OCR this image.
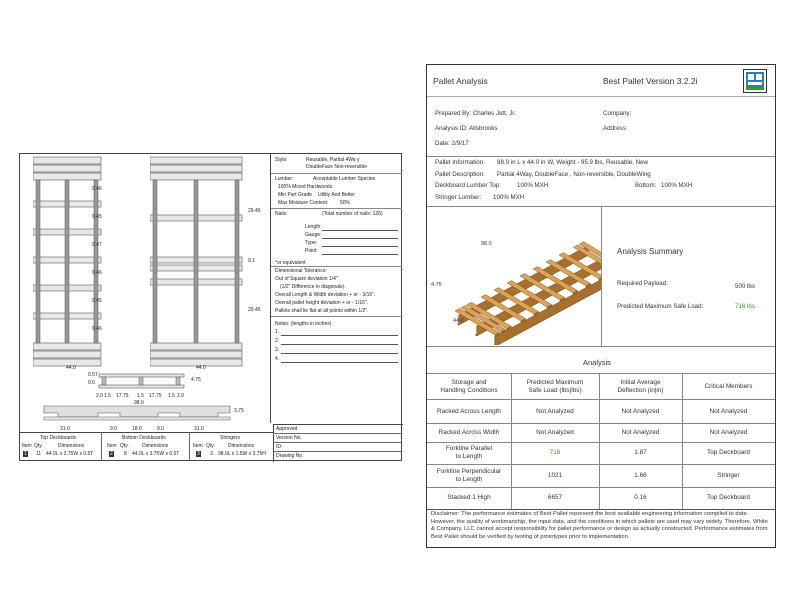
9.46
9.45
9.47
9.46
9.45
9.46
44.0
29.45
9.1
29.45
44.0
0.57
0.5	4.75
2.0 1.5 17.75 1.5 17.75 1.5 2.0
98.0
3.75
31.0	9.0	18.0	9.0	31.0
Style:	Reusable, Partial 4Wa y
DoubleFace Non-reversible
Lumber:	Acceptable Lumber Species
100% Mixed Hardwoods
Min Part Grade Utility And Better
Max Moisture Content: 50%
Nails:	(Total number of nails: 126)
Length:
Gauge:
Type:
Point:
*or equivalent
Dimensional Tolerance:
Out of Square deviation 1/4"
(1/2" Difference in diagonals).
Overall Length & Width deviation + or - 3/16".
Overall pallet height deviation + or - 1/16".
Pallets shall lie flat at all points within 1/2".
Notes: (lengths in inches)
1.
2.
3.
4.
Approved
Version No.
ID:
Drawing No.
Top Deckboards
Item Qty.	Dimensions
1 11 44.0L x 3.75W x 0.5T
Bottom Deckboards
Item Qty.	Dimensions
2 8 44.0L x 3.75W x 0.5T
Stringers
Item Qty.	Dimensions
3 3 98.0L x 1.5W x 3.75H
Pallet Analysis	Best Pallet Version 3.2.2i
Prepared By: Charles Jett, Jr.	Company:
Analysis ID: Allsbrooks	Address:
Date: 2/9/17
Pallet Information: 98.0 in L x 44.0 in W, Weight - 95.9 lbs, Reusable, New
Pallet Description: Partial 4Way, DoubleFace , Non-reversible, DoubleWing
Deckboard Lumber Top:	100% MXH	Bottom: 100% MXH
Stringer Lumber: 100% MXH
98.0
4.75
44.0
Analysis Summary
Required Payload:	500 lbs
Predicted Maximum Safe Load:	716 lbs
Analysis
Storage and
Handling Conditions
Predicted Maximum
Safe Load (lbs|lbs)
Initial Average
Deflection (in|in)
Critical Members
Racked Across Length	Not Analyzed	Not Analyzed	Not Analyzed
Racked Across Width	Not Analyzed	Not Analyzed	Not Analyzed
Forktine Parallel
to Length
716	1.87	Top Deckboard
Forktine Perpendicular
to Length
1021	1.66	Stringer
Stacked 1 High	6657	0.16	Top Deckboard
Disclaimer: The performance estimates of Best Pallet represent the best available engineering information compiled to date. However, the quality of workmanship, the input data, and the conditions in which pallets are used may vary widely. Therefore, White & Company, LLC cannot accept responsibility for pallet performance or design as actually constructed. Performance estimates from Best Pallet should be verified by testing of prototypes prior to implementation.
